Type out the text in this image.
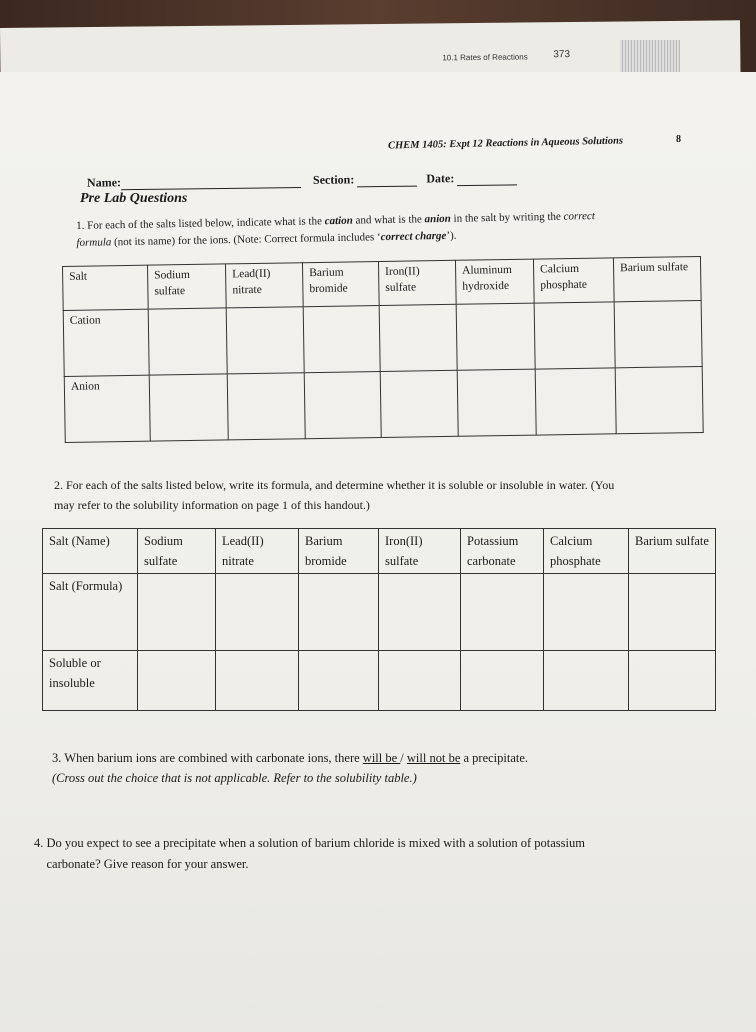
10.1 Rates of Reactions	373
CHEM 1405: Expt 12 Reactions in Aqueous Solutions	8
Name:	Section:	Date:
Pre Lab Questions
1. For each of the salts listed below, indicate what is the cation and what is the anion in the salt by writing the correct
formula (not its name) for the ions. (Note: Correct formula includes ‘correct charge’).
Salt	Sodium sulfate	Lead(II) nitrate	Barium bromide	Iron(II) sulfate	Aluminum hydroxide	Calcium phosphate	Barium sulfate
Cation							
Anion							
2. For each of the salts listed below, write its formula, and determine whether it is soluble or insoluble in water. (You
may refer to the solubility information on page 1 of this handout.)
Salt (Name)	Sodium sulfate	Lead(II) nitrate	Barium bromide	Iron(II) sulfate	Potassium carbonate	Calcium phosphate	Barium sulfate
Salt (Formula)							
Soluble or insoluble							
3. When barium ions are combined with carbonate ions, there will be / will not be a precipitate.
(Cross out the choice that is not applicable. Refer to the solubility table.)
4. Do you expect to see a precipitate when a solution of barium chloride is mixed with a solution of potassium
carbonate? Give reason for your answer.
